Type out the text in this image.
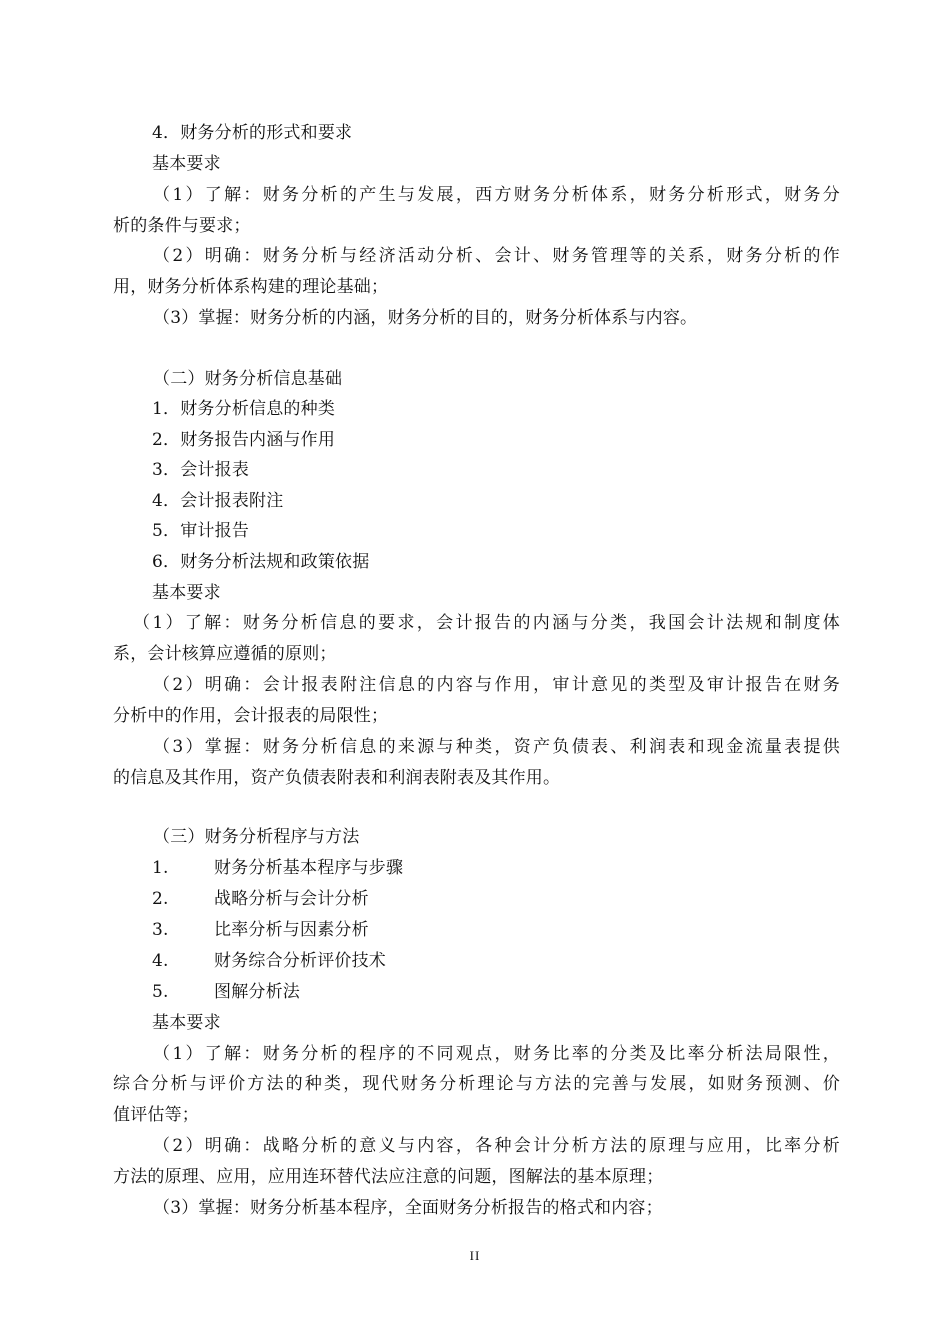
4．财务分析的形式和要求
基本要求
（1）了解：财务分析的产生与发展，西方财务分析体系，财务分析形式，财务分
析的条件与要求；
（2）明确：财务分析与经济活动分析、会计、财务管理等的关系，财务分析的作
用，财务分析体系构建的理论基础；
（3）掌握：财务分析的内涵，财务分析的目的，财务分析体系与内容。
（二）财务分析信息基础
1．财务分析信息的种类
2．财务报告内涵与作用
3．会计报表
4．会计报表附注
5．审计报告
6．财务分析法规和政策依据
基本要求
（1）了解：财务分析信息的要求，会计报告的内涵与分类，我国会计法规和制度体
系，会计核算应遵循的原则；
（2）明确：会计报表附注信息的内容与作用，审计意见的类型及审计报告在财务
分析中的作用，会计报表的局限性；
（3）掌握：财务分析信息的来源与种类，资产负债表、利润表和现金流量表提供
的信息及其作用，资产负债表附表和利润表附表及其作用。
（三）财务分析程序与方法
1.	财务分析基本程序与步骤
2.	战略分析与会计分析
3.	比率分析与因素分析
4.	财务综合分析评价技术
5.	图解分析法
基本要求
（1）了解：财务分析的程序的不同观点，财务比率的分类及比率分析法局限性，
综合分析与评价方法的种类，现代财务分析理论与方法的完善与发展，如财务预测、价
值评估等；
（2）明确：战略分析的意义与内容，各种会计分析方法的原理与应用，比率分析
方法的原理、应用，应用连环替代法应注意的问题，图解法的基本原理；
（3）掌握：财务分析基本程序，全面财务分析报告的格式和内容；
II
